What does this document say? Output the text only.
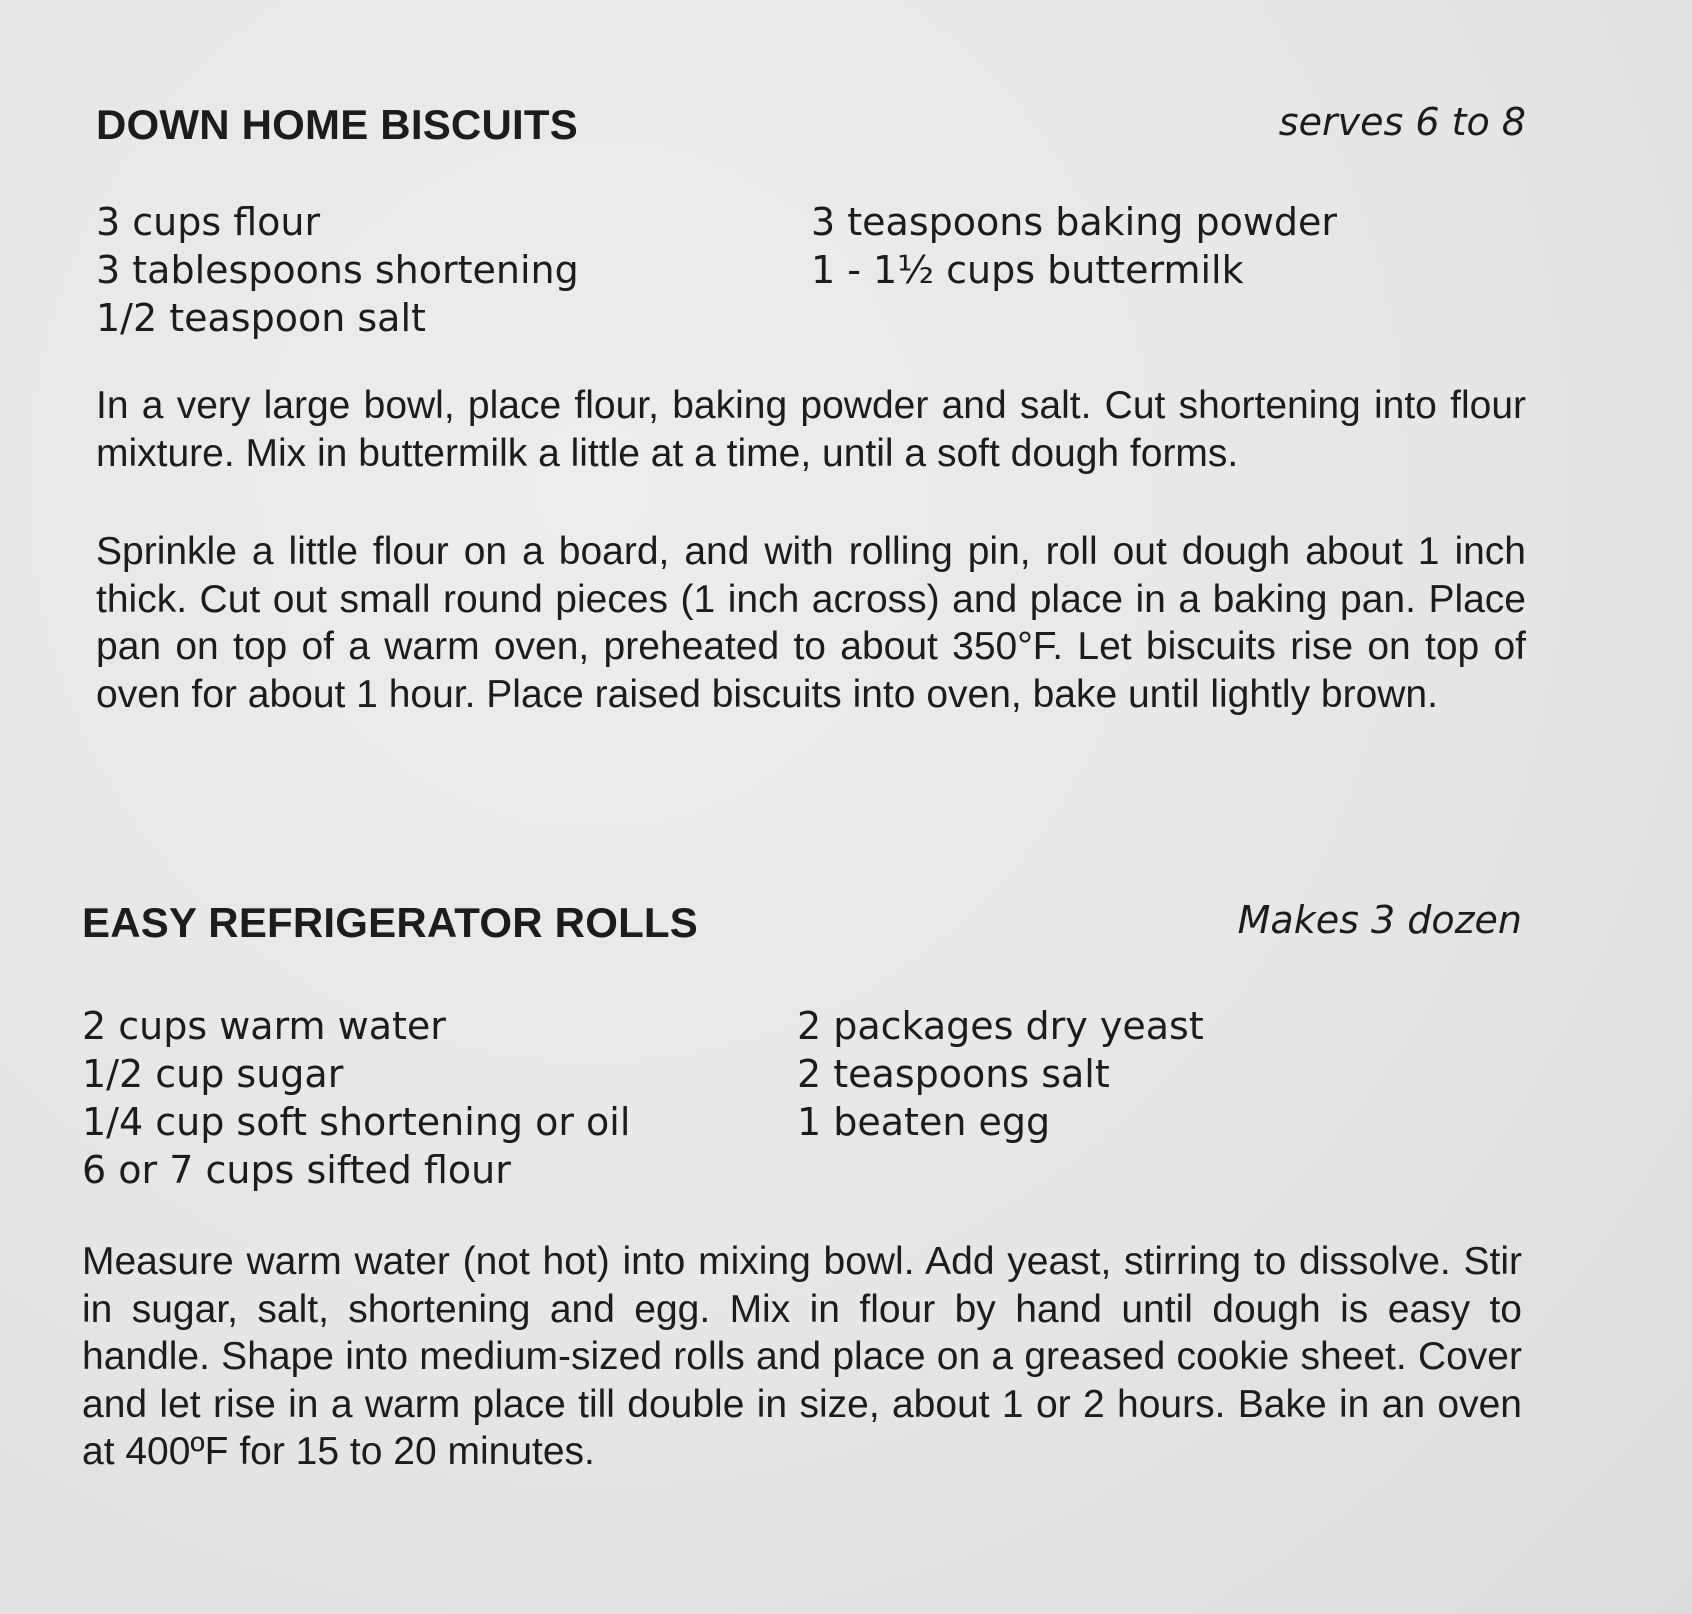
DOWN HOME BISCUITS	serves 6 to 8
3 cups flour
3 tablespoons shortening
1/2 teaspoon salt
3 teaspoons baking powder
1 - 1½ cups buttermilk

In a very large bowl, place flour, baking powder and salt. Cut shortening into flour mixture. Mix in buttermilk a little at a time, until a soft dough forms.

Sprinkle a little flour on a board, and with rolling pin, roll out dough about 1 inch thick. Cut out small round pieces (1 inch across) and place in a baking pan. Place pan on top of a warm oven, preheated to about 350°F. Let biscuits rise on top of oven for about 1 hour. Place raised biscuits into oven, bake until lightly brown.

EASY REFRIGERATOR ROLLS	Makes 3 dozen
2 cups warm water
1/2 cup sugar
1/4 cup soft shortening or oil
6 or 7 cups sifted flour
2 packages dry yeast
2 teaspoons salt
1 beaten egg

Measure warm water (not hot) into mixing bowl. Add yeast, stirring to dissolve. Stir in sugar, salt, shortening and egg. Mix in flour by hand until dough is easy to handle. Shape into medium-sized rolls and place on a greased cookie sheet. Cover and let rise in a warm place till double in size, about 1 or 2 hours. Bake in an oven at 400ºF for 15 to 20 minutes.
